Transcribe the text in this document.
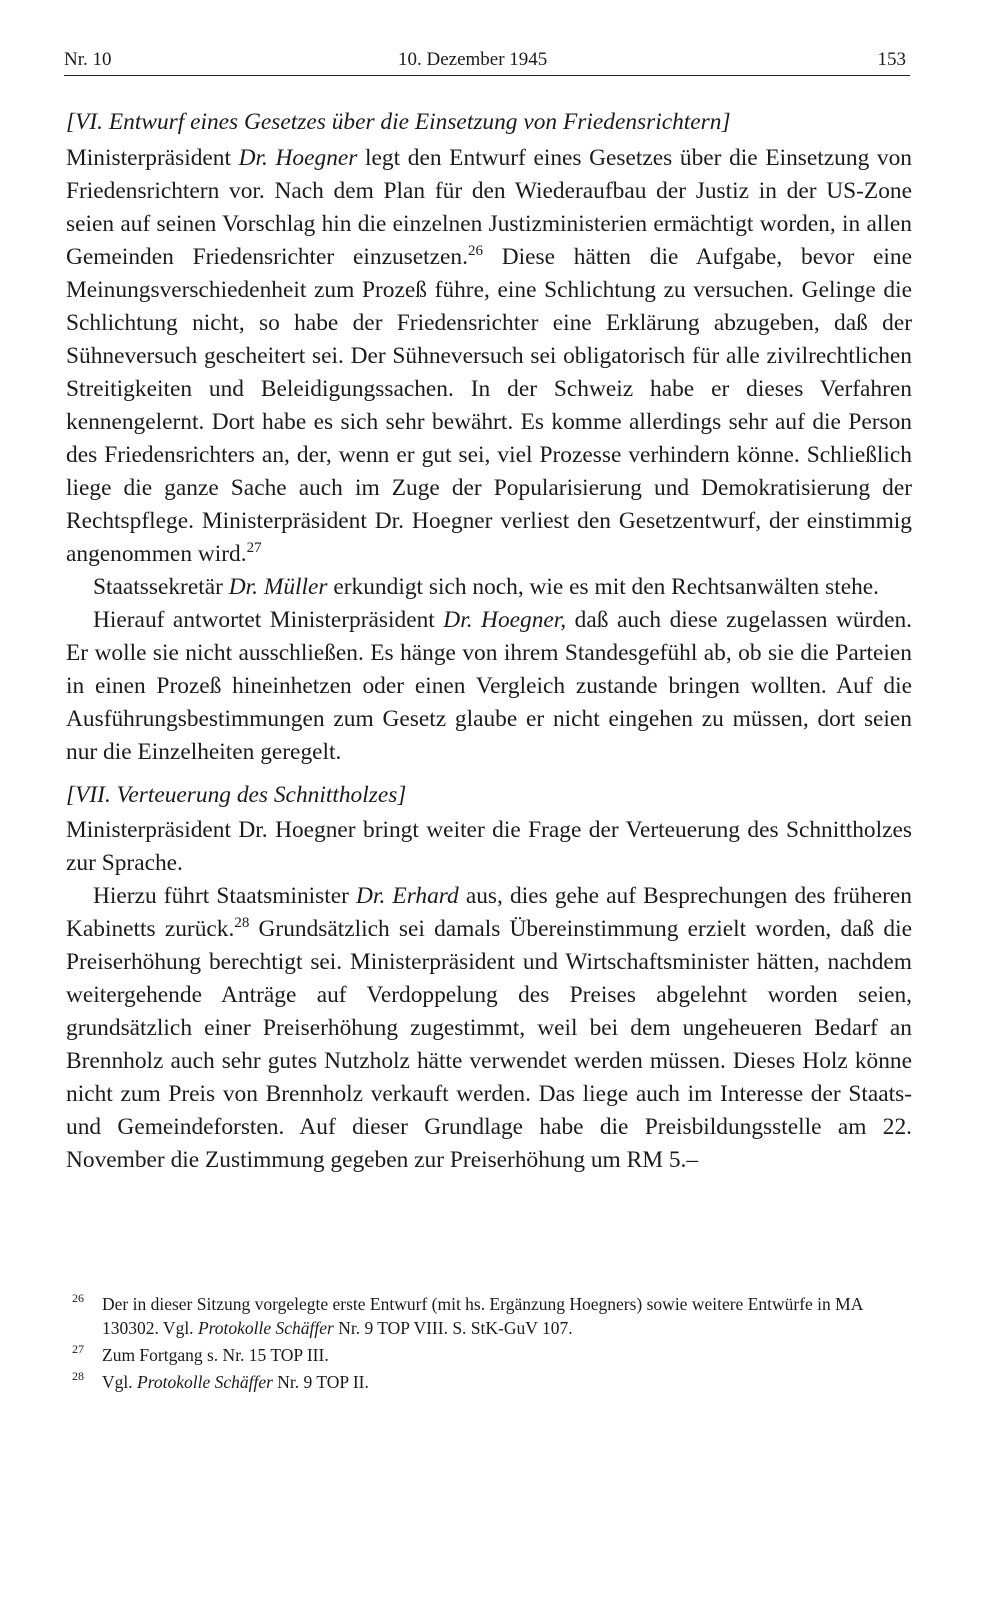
Nr. 10	10. Dezember 1945	153
[VI. Entwurf eines Gesetzes über die Einsetzung von Friedensrichtern]

Ministerpräsident Dr. Hoegner legt den Entwurf eines Gesetzes über die Einsetzung von Friedensrichtern vor. Nach dem Plan für den Wiederaufbau der Justiz in der US-Zone seien auf seinen Vorschlag hin die einzelnen Justizministerien ermächtigt worden, in allen Gemeinden Friedensrichter einzusetzen.$^{26}$ Diese hätten die Aufgabe, bevor eine Meinungsverschiedenheit zum Prozeß führe, eine Schlichtung zu versuchen. Gelinge die Schlichtung nicht, so habe der Friedensrichter eine Erklärung abzugeben, daß der Sühneversuch gescheitert sei. Der Sühneversuch sei obligatorisch für alle zivilrechtlichen Streitigkeiten und Beleidigungssachen. In der Schweiz habe er dieses Verfahren kennengelernt. Dort habe es sich sehr bewährt. Es komme allerdings sehr auf die Person des Friedensrichters an, der, wenn er gut sei, viel Prozesse verhindern könne. Schließlich liege die ganze Sache auch im Zuge der Popularisierung und Demokratisierung der Rechtspflege. Ministerpräsident Dr. Hoegner verliest den Gesetzentwurf, der einstimmig angenommen wird.$^{27}$

Staatssekretär Dr. Müller erkundigt sich noch, wie es mit den Rechtsanwälten stehe.

Hierauf antwortet Ministerpräsident Dr. Hoegner, daß auch diese zugelassen würden. Er wolle sie nicht ausschließen. Es hänge von ihrem Standesgefühl ab, ob sie die Parteien in einen Prozeß hineinhetzen oder einen Vergleich zustande bringen wollten. Auf die Ausführungsbestimmungen zum Gesetz glaube er nicht eingehen zu müssen, dort seien nur die Einzelheiten geregelt.

[VII. Verteuerung des Schnittholzes]

Ministerpräsident Dr. Hoegner bringt weiter die Frage der Verteuerung des Schnittholzes zur Sprache.

Hierzu führt Staatsminister Dr. Erhard aus, dies gehe auf Besprechungen des früheren Kabinetts zurück.$^{28}$ Grundsätzlich sei damals Übereinstimmung erzielt worden, daß die Preiserhöhung berechtigt sei. Ministerpräsident und Wirtschaftsminister hätten, nachdem weitergehende Anträge auf Verdoppelung des Preises abgelehnt worden seien, grundsätzlich einer Preiserhöhung zugestimmt, weil bei dem ungeheueren Bedarf an Brennholz auch sehr gutes Nutzholz hätte verwendet werden müssen. Dieses Holz könne nicht zum Preis von Brennholz verkauft werden. Das liege auch im Interesse der Staats- und Gemeindeforsten. Auf dieser Grundlage habe die Preisbildungsstelle am 22. November die Zustimmung gegeben zur Preiserhöhung um RM 5.–

26 Der in dieser Sitzung vorgelegte erste Entwurf (mit hs. Ergänzung Hoegners) sowie weitere Entwürfe in MA 130302. Vgl. Protokolle Schäffer Nr. 9 TOP VIII. S. StK-GuV 107.
27 Zum Fortgang s. Nr. 15 TOP III.
28 Vgl. Protokolle Schäffer Nr. 9 TOP II.
